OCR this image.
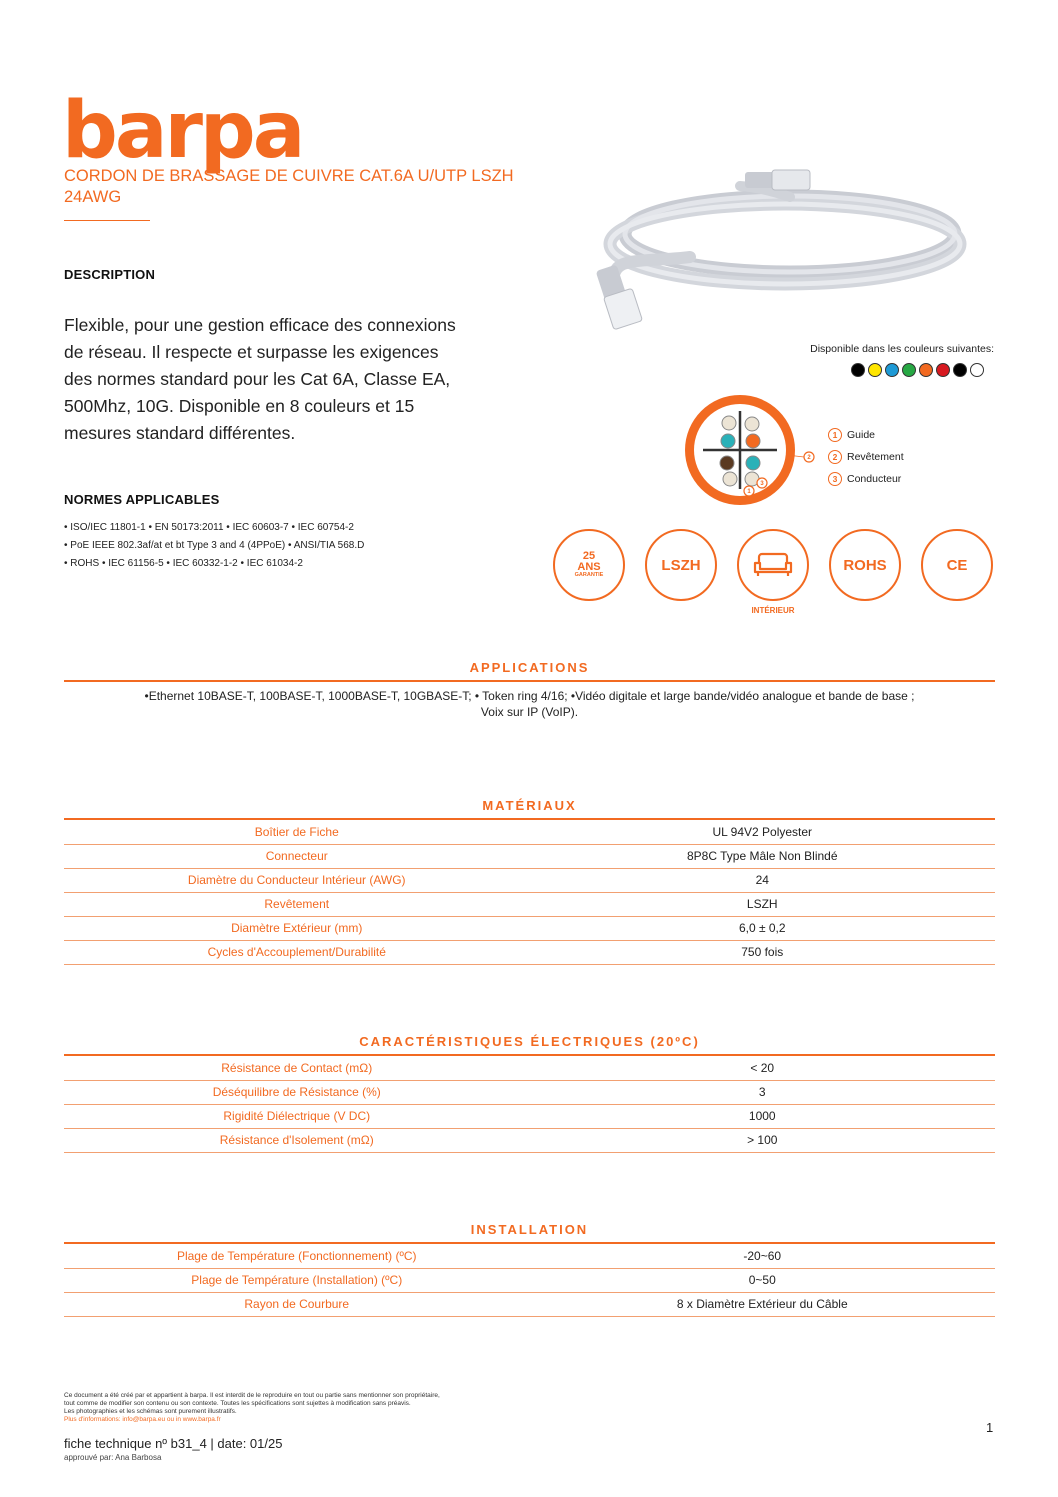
barpa
CORDON DE BRASSAGE DE CUIVRE CAT.6A U/UTP LSZH 24AWG
DESCRIPTION
Flexible, pour une gestion efficace des connexions de réseau. Il respecte et surpasse les exigences des normes standard pour les Cat 6A, Classe EA, 500Mhz, 10G. Disponible en 8 couleurs et 15 mesures standard différentes.
NORMES APPLICABLES
• ISO/IEC 11801-1 • EN 50173:2011 • IEC 60603-7 • IEC 60754-2
• PoE IEEE 802.3af/at et bt Type 3 and 4 (4PPoE) • ANSI/TIA 568.D
• ROHS • IEC 61156-5 • IEC 60332-1-2 • IEC 61034-2
Disponible dans les couleurs suivantes:
1
2
3
1 Guide
2 Revêtement
3 Conducteur
25
ANS
GARANTIE
LSZH
INTÉRIEUR
ROHS	CE
APPLICATIONS
•Ethernet 10BASE-T, 100BASE-T, 1000BASE-T, 10GBASE-T; • Token ring 4/16; •Vidéo digitale et large bande/vidéo analogue et bande de base ;
Voix sur IP (VoIP).
MATÉRIAUX
Boîtier de Fiche	UL 94V2 Polyester
Connecteur	8P8C Type Mâle Non Blindé
Diamètre du Conducteur Intérieur (AWG)	24
Revêtement	LSZH
Diamètre Extérieur (mm)	6,0 ± 0,2
Cycles d'Accouplement/Durabilité	750 fois
CARACTÉRISTIQUES ÉLECTRIQUES (20ºC)
Résistance de Contact (mΩ)	< 20
Déséquilibre de Résistance (%)	3
Rigidité Diélectrique (V DC)	1000
Résistance d'Isolement (mΩ)	> 100
INSTALLATION
Plage de Température (Fonctionnement) (ºC)	-20~60
Plage de Température (Installation) (ºC)	0~50
Rayon de Courbure	8 x Diamètre Extérieur du Câble
Ce document a été créé par et appartient à barpa. Il est interdit de le reproduire en tout ou partie sans mentionner son propriétaire,
tout comme de modifier son contenu ou son contexte. Toutes les spécifications sont sujettes à modification sans préavis.
Les photographies et les schémas sont purement illustratifs.
Plus d'informations: info@barpa.eu ou in www.barpa.fr
fiche technique nº b31_4 | date: 01/25
approuvé par: Ana Barbosa
1
